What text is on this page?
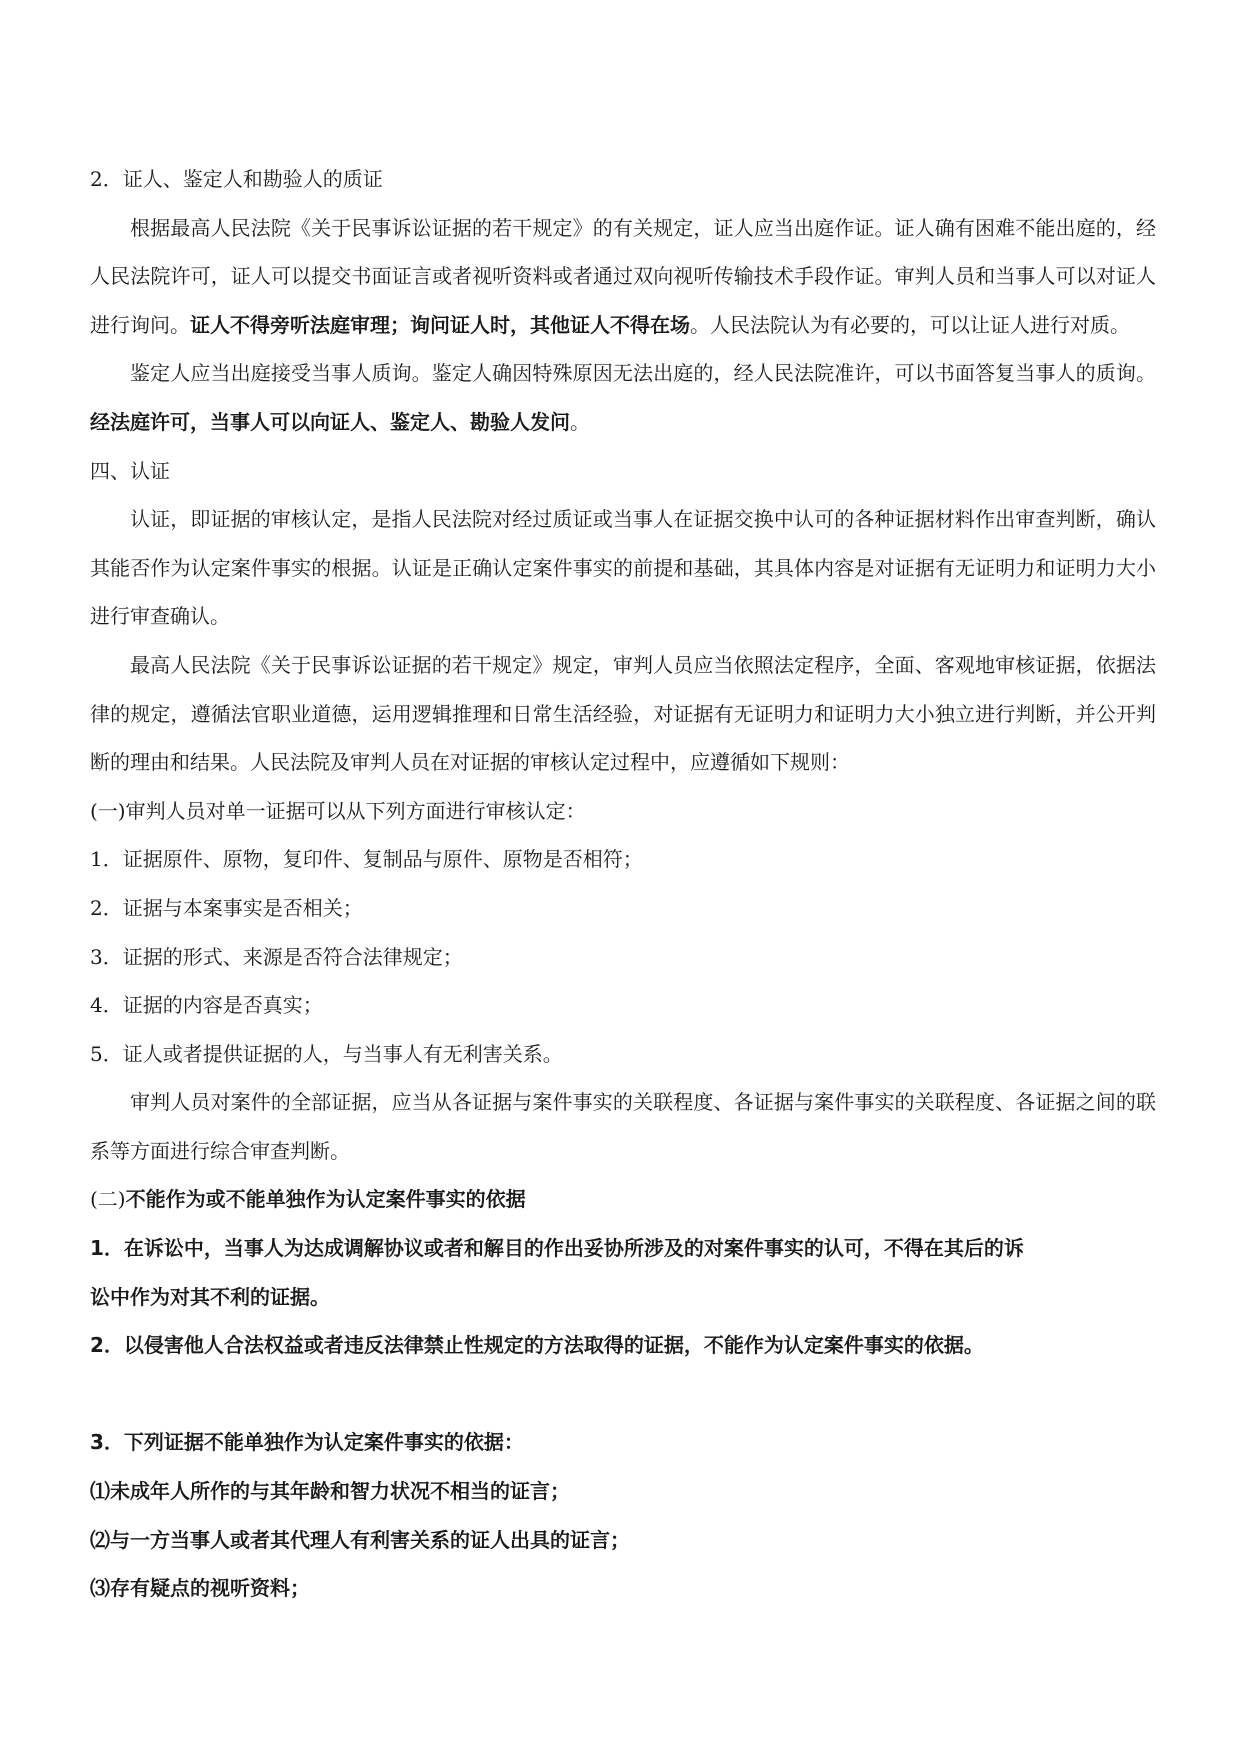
2．证人、鉴定人和勘验人的质证

根据最高人民法院《关于民事诉讼证据的若干规定》的有关规定，证人应当出庭作证。证人确有困难不能出庭的，经人民法院许可，证人可以提交书面证言或者视听资料或者通过双向视听传输技术手段作证。审判人员和当事人可以对证人进行询问。证人不得旁听法庭审理；询问证人时，其他证人不得在场。人民法院认为有必要的，可以让证人进行对质。

鉴定人应当出庭接受当事人质询。鉴定人确因特殊原因无法出庭的，经人民法院准许，可以书面答复当事人的质询。经法庭许可，当事人可以向证人、鉴定人、勘验人发问。

四、认证

认证，即证据的审核认定，是指人民法院对经过质证或当事人在证据交换中认可的各种证据材料作出审查判断，确认其能否作为认定案件事实的根据。认证是正确认定案件事实的前提和基础，其具体内容是对证据有无证明力和证明力大小进行审查确认。

最高人民法院《关于民事诉讼证据的若干规定》规定，审判人员应当依照法定程序，全面、客观地审核证据，依据法律的规定，遵循法官职业道德，运用逻辑推理和日常生活经验，对证据有无证明力和证明力大小独立进行判断，并公开判断的理由和结果。人民法院及审判人员在对证据的审核认定过程中，应遵循如下规则：

(一)审判人员对单一证据可以从下列方面进行审核认定：

1．证据原件、原物，复印件、复制品与原件、原物是否相符；

2．证据与本案事实是否相关；

3．证据的形式、来源是否符合法律规定；

4．证据的内容是否真实；

5．证人或者提供证据的人，与当事人有无利害关系。

审判人员对案件的全部证据，应当从各证据与案件事实的关联程度、各证据与案件事实的关联程度、各证据之间的联系等方面进行综合审查判断。

(二)不能作为或不能单独作为认定案件事实的依据

1．在诉讼中，当事人为达成调解协议或者和解目的作出妥协所涉及的对案件事实的认可，不得在其后的诉

讼中作为对其不利的证据。

2．以侵害他人合法权益或者违反法律禁止性规定的方法取得的证据，不能作为认定案件事实的依据。

3．下列证据不能单独作为认定案件事实的依据：

⑴未成年人所作的与其年龄和智力状况不相当的证言；

⑵与一方当事人或者其代理人有利害关系的证人出具的证言；

⑶存有疑点的视听资料；
